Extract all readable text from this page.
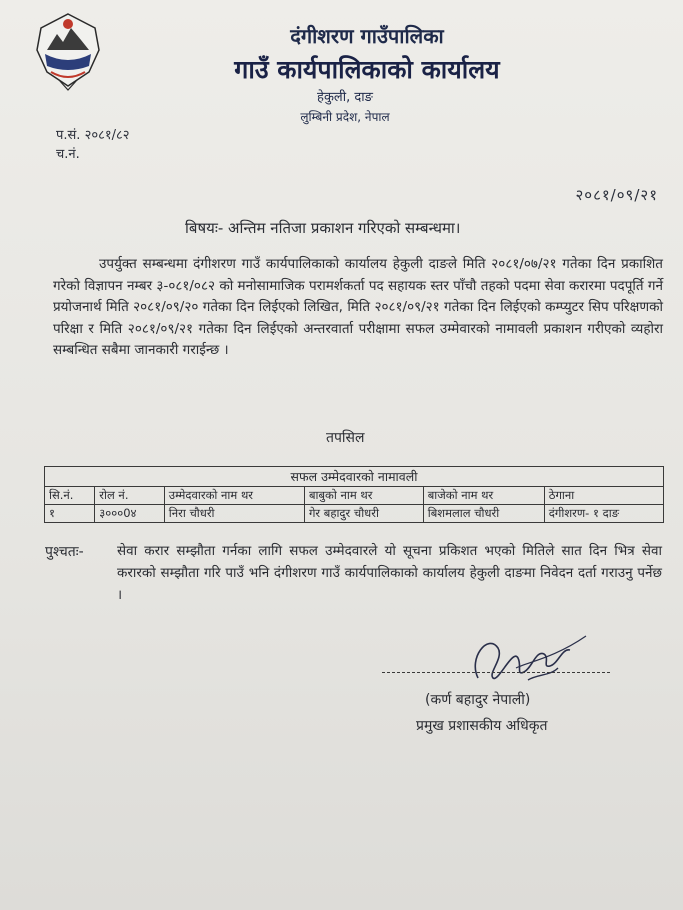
दंगीशरण गाउँपालिका
गाउँ कार्यपालिकाको कार्यालय
हेकुली, दाङ
लुम्बिनी प्रदेश, नेपाल
प.सं. २०८१/८२
च.नं.
२०८१/०९/२१
बिषयः- अन्तिम नतिजा प्रकाशन गरिएको सम्बन्धमा।

उपर्युक्त सम्बन्धमा दंगीशरण गाउँ कार्यपालिकाको कार्यालय हेकुली दाङले मिति २०८१/०७/२१ गतेका दिन प्रकाशित गरेको विज्ञापन नम्बर ३-०८१/०८२ को मनोसामाजिक परामर्शकर्ता पद सहायक स्तर पाँचौ तहको पदमा सेवा करारमा पदपूर्ति गर्ने प्रयोजनार्थ मिति २०८१/०९/२० गतेका दिन लिईएको लिखित, मिति २०८१/०९/२१ गतेका दिन लिईएको कम्प्युटर सिप परिक्षणको परिक्षा र मिति २०८१/०९/२१ गतेका दिन लिईएको अन्तरवार्ता परीक्षामा सफल उम्मेवारको नामावली प्रकाशन गरीएको व्यहोरा सम्बन्धित सबैमा जानकारी गराईन्छ ।

तपसिल
सफल उम्मेदवारको नामावली					
सि.नं.	रोल नं.	उम्मेदवारको नाम थर	बाबुको नाम थर	बाजेको नाम थर	ठेगाना
१	३०००0४	निरा चौधरी	गेर बहादुर चौधरी	बिशमलाल चौधरी	दंगीशरण- १ दाङ
पुश्चतः- सेवा करार सम्झौता गर्नका लागि सफल उम्मेदवारले यो सूचना प्रकिशत भएको मितिले सात दिन भित्र सेवा करारको सम्झौता गरि पाउँ भनि दंगीशरण गाउँ कार्यपालिकाको कार्यालय हेकुली दाङमा निवेदन दर्ता गराउनु पर्नेछ ।
(कर्ण बहादुर नेपाली)
प्रमुख प्रशासकीय अधिकृत
